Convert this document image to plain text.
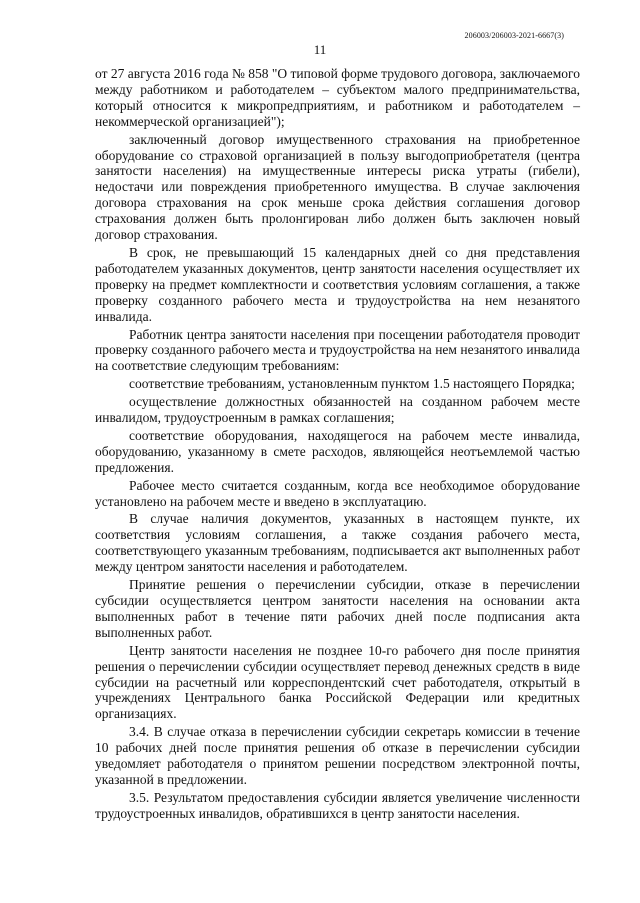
206003/206003-2021-6667(3)
11

от 27 августа 2016 года № 858 "О типовой форме трудового договора, заключаемого между работником и работодателем – субъектом малого предпринимательства, который относится к микропредприятиям, и работником и работодателем – некоммерческой организацией");

заключенный договор имущественного страхования на приобретенное оборудование со страховой организацией в пользу выгодоприобретателя (центра занятости населения) на имущественные интересы риска утраты (гибели), недостачи или повреждения приобретенного имущества. В случае заключения договора страхования на срок меньше срока действия соглашения договор страхования должен быть пролонгирован либо должен быть заключен новый договор страхования.

В срок, не превышающий 15 календарных дней со дня представления работодателем указанных документов, центр занятости населения осуществляет их проверку на предмет комплектности и соответствия условиям соглашения, а также проверку созданного рабочего места и трудоустройства на нем незанятого инвалида.

Работник центра занятости населения при посещении работодателя проводит проверку созданного рабочего места и трудоустройства на нем незанятого инвалида на соответствие следующим требованиям:

соответствие требованиям, установленным пунктом 1.5 настоящего Порядка;

осуществление должностных обязанностей на созданном рабочем месте инвалидом, трудоустроенным в рамках соглашения;

соответствие оборудования, находящегося на рабочем месте инвалида, оборудованию, указанному в смете расходов, являющейся неотъемлемой частью предложения.

Рабочее место считается созданным, когда все необходимое оборудование установлено на рабочем месте и введено в эксплуатацию.

В случае наличия документов, указанных в настоящем пункте, их соответствия условиям соглашения, а также создания рабочего места, соответствующего указанным требованиям, подписывается акт выполненных работ между центром занятости населения и работодателем.

Принятие решения о перечислении субсидии, отказе в перечислении субсидии осуществляется центром занятости населения на основании акта выполненных работ в течение пяти рабочих дней после подписания акта выполненных работ.

Центр занятости населения не позднее 10-го рабочего дня после принятия решения о перечислении субсидии осуществляет перевод денежных средств в виде субсидии на расчетный или корреспондентский счет работодателя, открытый в учреждениях Центрального банка Российской Федерации или кредитных организациях.

3.4. В случае отказа в перечислении субсидии секретарь комиссии в течение 10 рабочих дней после принятия решения об отказе в перечислении субсидии уведомляет работодателя о принятом решении посредством электронной почты, указанной в предложении.

3.5. Результатом предоставления субсидии является увеличение численности трудоустроенных инвалидов, обратившихся в центр занятости населения.
